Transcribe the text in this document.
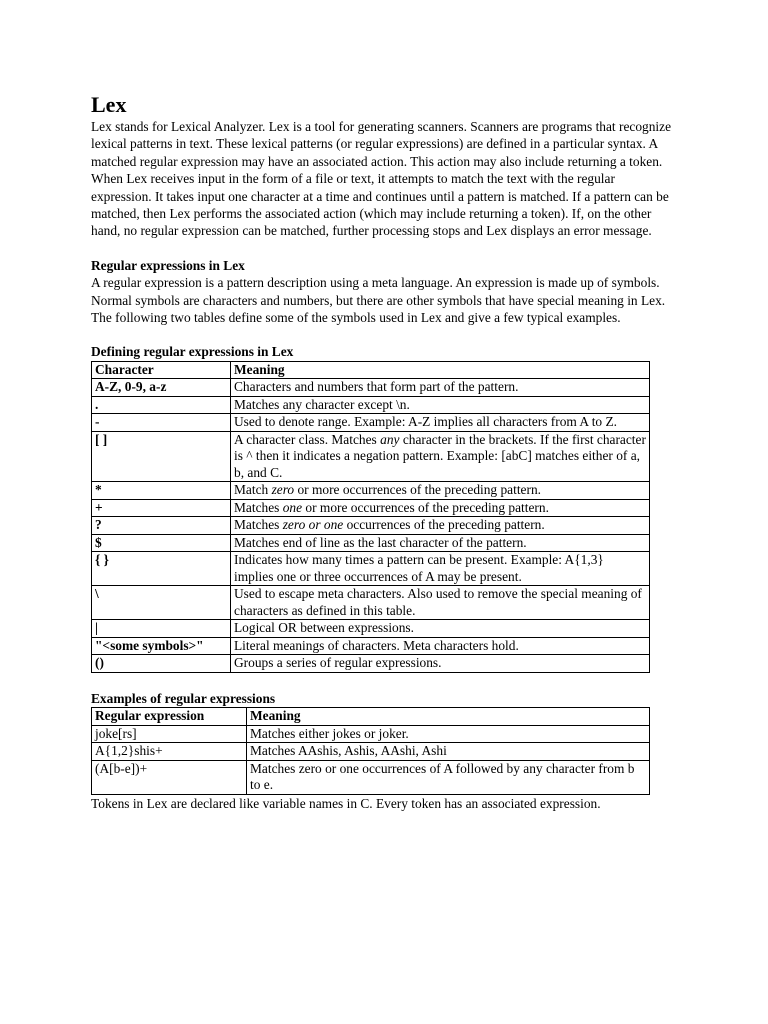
Lex

Lex stands for Lexical Analyzer. Lex is a tool for generating scanners. Scanners are programs that recognize lexical patterns in text. These lexical patterns (or regular expressions) are defined in a particular syntax. A matched regular expression may have an associated action. This action may also include returning a token. When Lex receives input in the form of a file or text, it attempts to match the text with the regular expression. It takes input one character at a time and continues until a pattern is matched. If a pattern can be matched, then Lex performs the associated action (which may include returning a token). If, on the other hand, no regular expression can be matched, further processing stops and Lex displays an error message.

Regular expressions in Lex

A regular expression is a pattern description using a meta language. An expression is made up of symbols. Normal symbols are characters and numbers, but there are other symbols that have special meaning in Lex. The following two tables define some of the symbols used in Lex and give a few typical examples.

Defining regular expressions in Lex
Character	Meaning
A-Z, 0-9, a-z	Characters and numbers that form part of the pattern.
.	Matches any character except \n.
-	Used to denote range. Example: A-Z implies all characters from A to Z.
[ ]	A character class. Matches any character in the brackets. If the first character is ^ then it indicates a negation pattern. Example: [abC] matches either of a, b, and C.
*	Match zero or more occurrences of the preceding pattern.
+	Matches one or more occurrences of the preceding pattern.
?	Matches zero or one occurrences of the preceding pattern.
$	Matches end of line as the last character of the pattern.
{ }	Indicates how many times a pattern can be present. Example: A{1,3} implies one or three occurrences of A may be present.
\	Used to escape meta characters. Also used to remove the special meaning of characters as defined in this table.
|	Logical OR between expressions.
"<some symbols>"	Literal meanings of characters. Meta characters hold.
()	Groups a series of regular expressions.
Examples of regular expressions
Regular expression	Meaning
joke[rs]	Matches either jokes or joker.
A{1,2}shis+	Matches AAshis, Ashis, AAshi, Ashi
(A[b-e])+	Matches zero or one occurrences of A followed by any character from b to e.

Tokens in Lex are declared like variable names in C. Every token has an associated expression.
